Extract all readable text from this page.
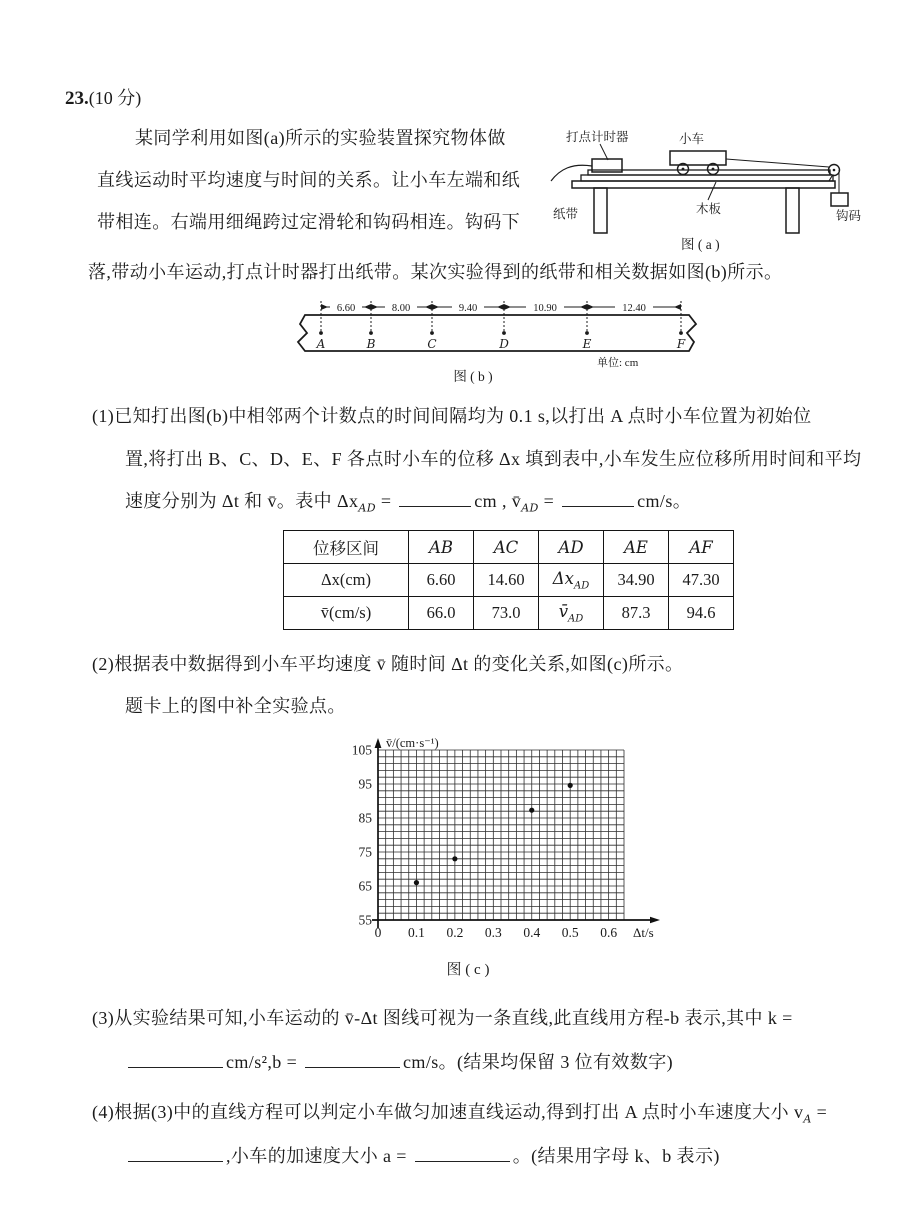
23.(10 分)
某同学利用如图(a)所示的实验装置探究物体做
直线运动时平均速度与时间的关系。让小车左端和纸
带相连。右端用细绳跨过定滑轮和钩码相连。钩码下
落,带动小车运动,打点计时器打出纸带。某次实验得到的纸带和相关数据如图(b)所示。
打点计时器	小车
钩码
纸带	木板
图 ( a )
6.60	8.00	9.40	10.90	12.40
A	B	C	D	E	F
单位: cm
图 ( b )
(1)已知打出图(b)中相邻两个计数点的时间间隔均为 0.1 s,以打出 A 点时小车位置为初始位
置,将打出 B、C、D、E、F 各点时小车的位移 Δx 填到表中,小车发生应位移所用时间和平均
速度分别为 Δt 和 v̄。表中 $\Delta x_{AD}$ =	cm , $v̄_{AD}$ =	cm/s。
位移区间	AB	AC	AD	AE	AF
Δx(cm)	6.60	14.60	$\Delta x_{AD}$	34.90	47.30
v̄(cm/s)	66.0	73.0	$v̄_{AD}$	87.3	94.6
(2)根据表中数据得到小车平均速度 v̄ 随时间 Δt 的变化关系,如图(c)所示。
题卡上的图中补全实验点。
55
65
75
85
95
105
0 0.1 0.2 0.3 0.4 0.5 0.6
v̄/(cm·s⁻¹)
Δt/s
图 ( c )
(3)从实验结果可知,小车运动的 v̄-Δt 图线可视为一条直线,此直线用方程-b 表示,其中 k =
cm/s²,b =	cm/s。(结果均保留 3 位有效数字)
(4)根据(3)中的直线方程可以判定小车做匀加速直线运动,得到打出 A 点时小车速度大小 $v_A$ =
,小车的加速度大小 a =	。(结果用字母 k、b 表示)
